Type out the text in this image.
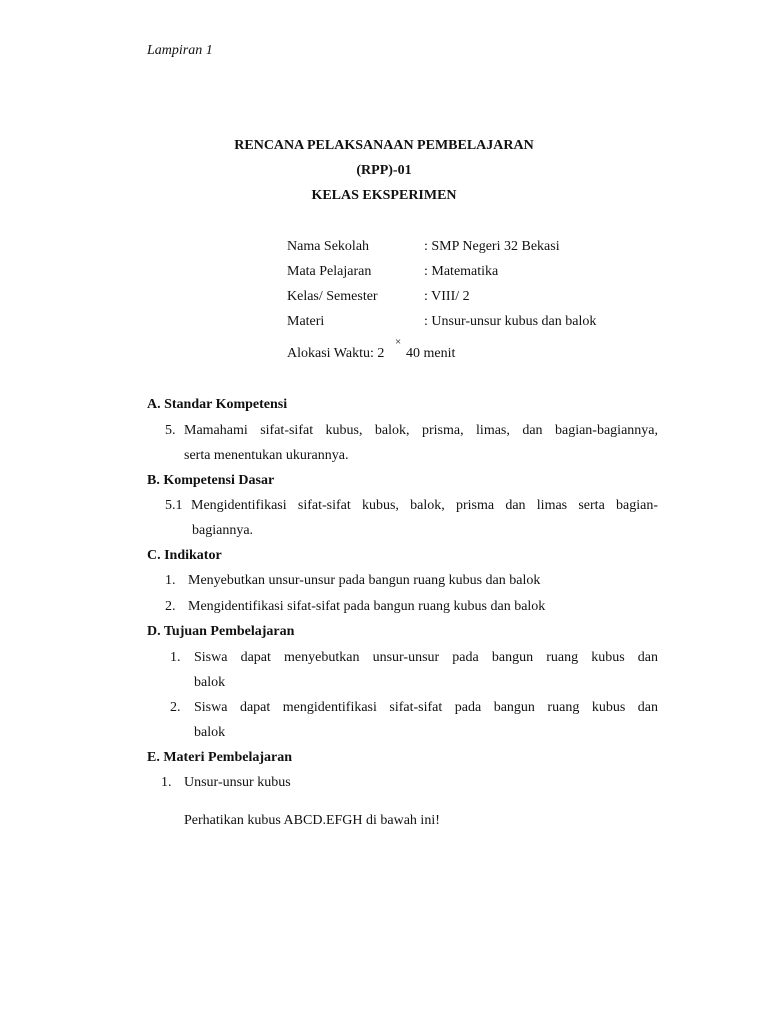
Lampiran 1
RENCANA PELAKSANAAN PEMBELAJARAN
(RPP)-01
KELAS EKSPERIMEN
Nama Sekolah	: SMP Negeri 32 Bekasi
Mata Pelajaran	: Matematika
Kelas/ Semester	: VIII/ 2
Materi	: Unsur-unsur kubus dan balok
Alokasi Waktu: 2
×
40 menit
A. Standar Kompetensi
5. Mamahami sifat-sifat kubus, balok, prisma, limas, dan bagian-bagiannya,
serta menentukan ukurannya.
B. Kompetensi Dasar
5.1 Mengidentifikasi sifat-sifat kubus, balok, prisma dan limas serta bagian-
bagiannya.
C. Indikator
1. Menyebutkan unsur-unsur pada bangun ruang kubus dan balok
2. Mengidentifikasi sifat-sifat pada bangun ruang kubus dan balok
D. Tujuan Pembelajaran
1. Siswa dapat menyebutkan unsur-unsur pada bangun ruang kubus dan
balok
2. Siswa dapat mengidentifikasi sifat-sifat pada bangun ruang kubus dan
balok
E. Materi Pembelajaran
1. Unsur-unsur kubus
Perhatikan kubus ABCD.EFGH di bawah ini!
